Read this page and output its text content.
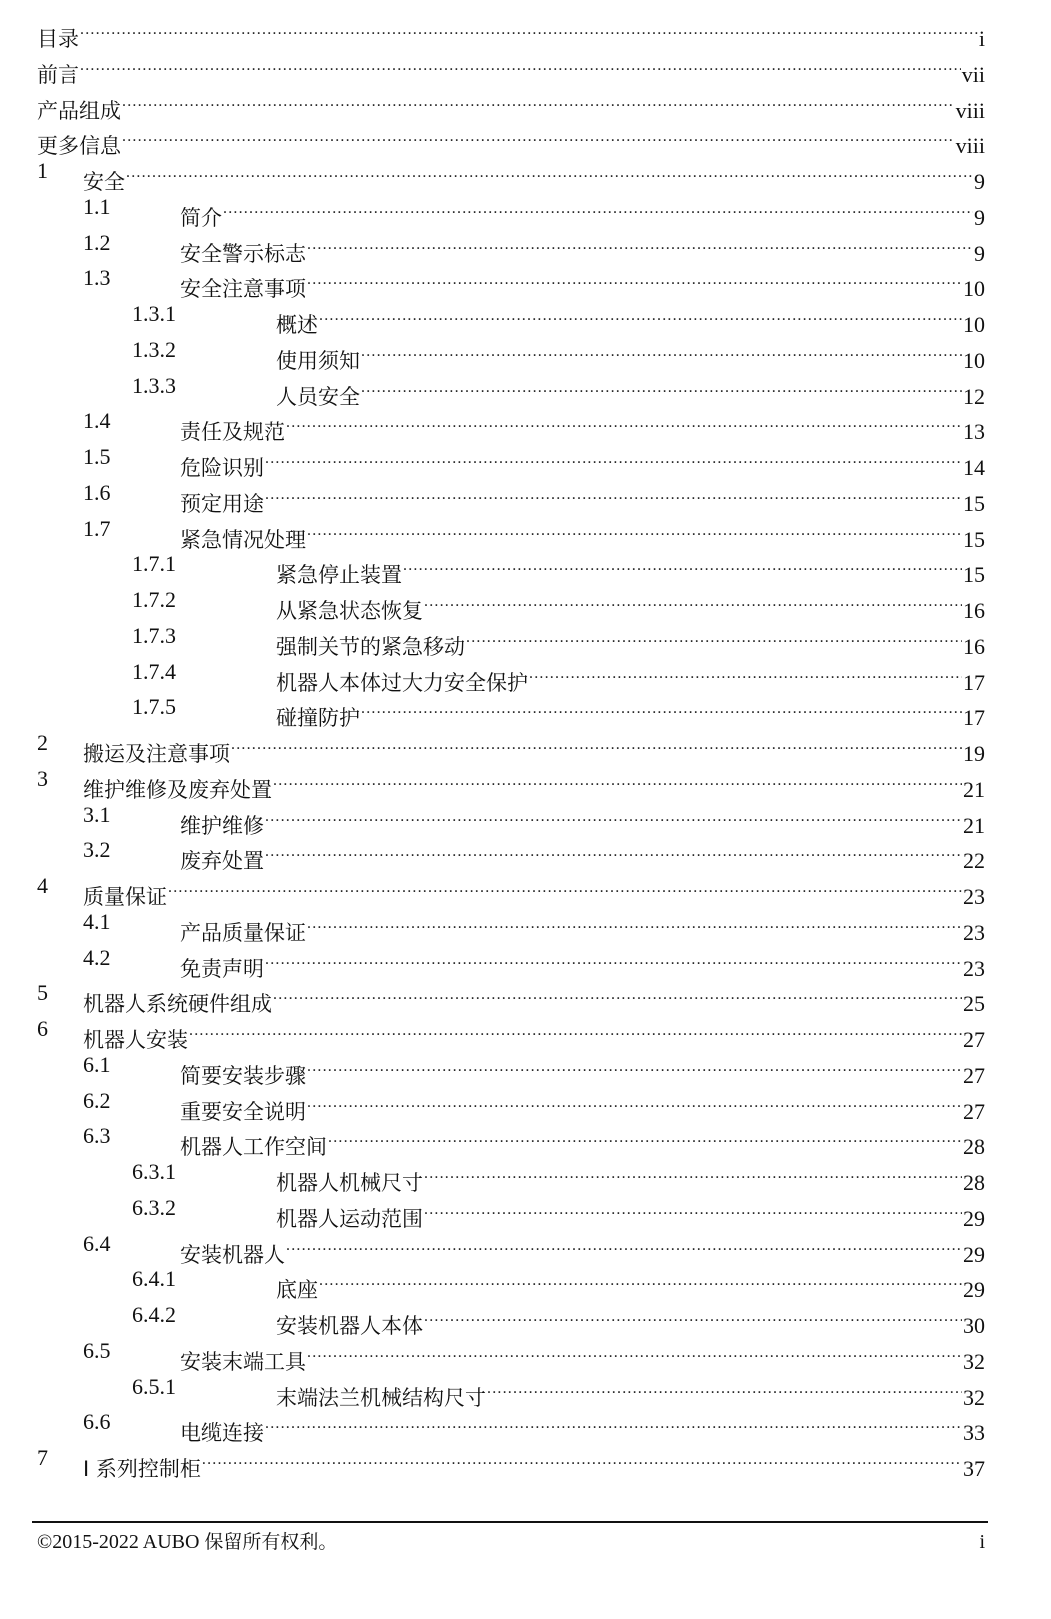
目录 .....	i
前言 .....	vii
产品组成 .....	viii
更多信息 .....	viii
1 安全 .....	9
1.1	简介 .....	9
1.2	安全警示标志 .....	9
1.3	安全注意事项 .....	10
1.3.1	概述 .....	10
1.3.2	使用须知 .....	10
1.3.3	人员安全 .....	12
1.4	责任及规范 .....	13
1.5	危险识别 .....	14
1.6	预定用途 .....	15
1.7	紧急情况处理 .....	15
1.7.1	紧急停止装置 .....	15
1.7.2	从紧急状态恢复 .....	16
1.7.3	强制关节的紧急移动 .....	16
1.7.4	机器人本体过大力安全保护 .....	17
1.7.5	碰撞防护 .....	17
2 搬运及注意事项 .....	19
3 维护维修及废弃处置 .....	21
3.1	维护维修 .....	21
3.2	废弃处置 .....	22
4 质量保证 .....	23
4.1	产品质量保证 .....	23
4.2	免责声明 .....	23
5 机器人系统硬件组成 .....	25
6 机器人安装 .....	27
6.1	简要安装步骤 .....	27
6.2	重要安全说明 .....	27
6.3	机器人工作空间 .....	28
6.3.1	机器人机械尺寸 .....	28
6.3.2	机器人运动范围 .....	29
6.4	安装机器人 .....	29
6.4.1	底座 .....	29
6.4.2	安装机器人本体 .....	30
6.5	安装末端工具 .....	32
6.5.1	末端法兰机械结构尺寸 .....	32
6.6	电缆连接 .....	33
7 I 系列控制柜 .....	37
©2015-2022 AUBO 保留所有权利。	i
